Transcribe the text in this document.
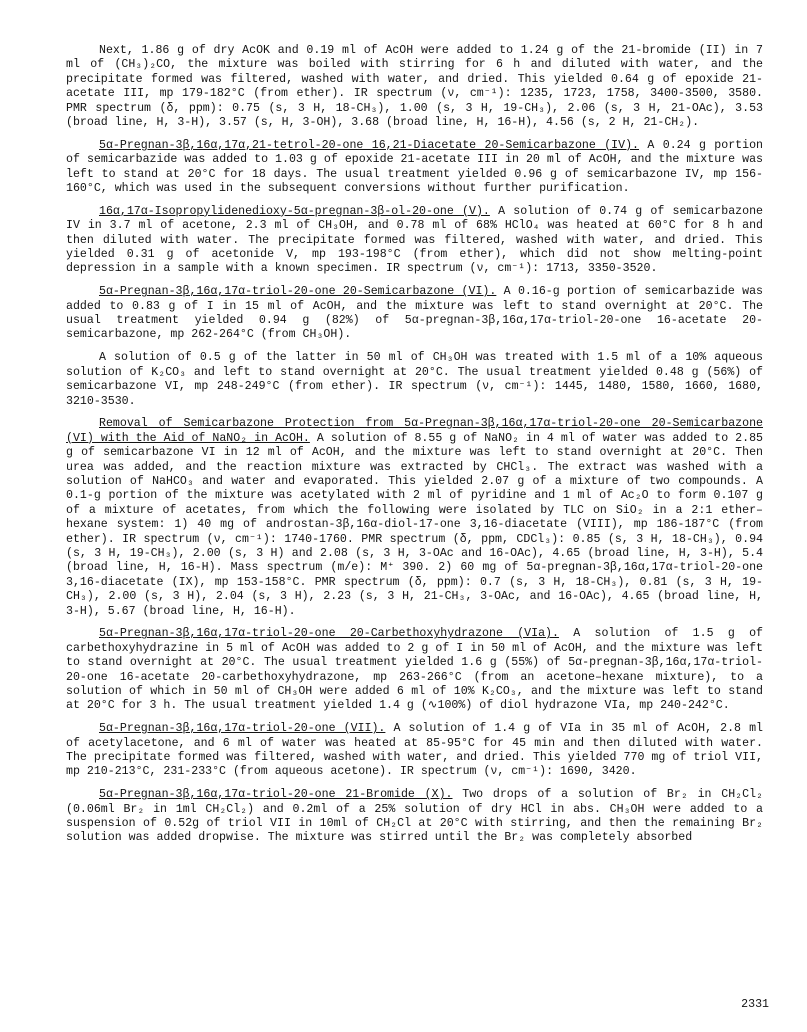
Next, 1.86 g of dry AcOK and 0.19 ml of AcOH were added to 1.24 g of the 21-bromide (II) in 7 ml of (CH₃)₂CO, the mixture was boiled with stirring for 6 h and diluted with water, and the precipitate formed was filtered, washed with water, and dried. This yielded 0.64 g of epoxide 21-acetate III, mp 179-182°C (from ether). IR spectrum (ν, cm⁻¹): 1235, 1723, 1758, 3400-3500, 3580. PMR spectrum (δ, ppm): 0.75 (s, 3 H, 18-CH₃), 1.00 (s, 3 H, 19-CH₃), 2.06 (s, 3 H, 21-OAc), 3.53 (broad line, H, 3-H), 3.57 (s, H, 3-OH), 3.68 (broad line, H, 16-H), 4.56 (s, 2 H, 21-CH₂).

5α-Pregnan-3β,16α,17α,21-tetrol-20-one 16,21-Diacetate 20-Semicarbazone (IV). A 0.24 g portion of semicarbazide was added to 1.03 g of epoxide 21-acetate III in 20 ml of AcOH, and the mixture was left to stand at 20°C for 18 days. The usual treatment yielded 0.96 g of semicarbazone IV, mp 156-160°C, which was used in the subsequent conversions without further purification.

16α,17α-Isopropylidenedioxy-5α-pregnan-3β-ol-20-one (V). A solution of 0.74 g of semicarbazone IV in 3.7 ml of acetone, 2.3 ml of CH₃OH, and 0.78 ml of 68% HClO₄ was heated at 60°C for 8 h and then diluted with water. The precipitate formed was filtered, washed with water, and dried. This yielded 0.31 g of acetonide V, mp 193-198°C (from ether), which did not show melting-point depression in a sample with a known specimen. IR spectrum (ν, cm⁻¹): 1713, 3350-3520.

5α-Pregnan-3β,16α,17α-triol-20-one 20-Semicarbazone (VI). A 0.16-g portion of semicarbazide was added to 0.83 g of I in 15 ml of AcOH, and the mixture was left to stand overnight at 20°C. The usual treatment yielded 0.94 g (82%) of 5α-pregnan-3β,16α,17α-triol-20-one 16-acetate 20-semicarbazone, mp 262-264°C (from CH₃OH).

A solution of 0.5 g of the latter in 50 ml of CH₃OH was treated with 1.5 ml of a 10% aqueous solution of K₂CO₃ and left to stand overnight at 20°C. The usual treatment yielded 0.48 g (56%) of semicarbazone VI, mp 248-249°C (from ether). IR spectrum (ν, cm⁻¹): 1445, 1480, 1580, 1660, 1680, 3210-3530.

Removal of Semicarbazone Protection from 5α-Pregnan-3β,16α,17α-triol-20-one 20-Semicarbazone (VI) with the Aid of NaNO₂ in AcOH. A solution of 8.55 g of NaNO₂ in 4 ml of water was added to 2.85 g of semicarbazone VI in 12 ml of AcOH, and the mixture was left to stand overnight at 20°C. Then urea was added, and the reaction mixture was extracted by CHCl₃. The extract was washed with a solution of NaHCO₃ and water and evaporated. This yielded 2.07 g of a mixture of two compounds. A 0.1-g portion of the mixture was acetylated with 2 ml of pyridine and 1 ml of Ac₂O to form 0.107 g of a mixture of acetates, from which the following were isolated by TLC on SiO₂ in a 2:1 ether–hexane system: 1) 40 mg of androstan-3β,16α-diol-17-one 3,16-diacetate (VIII), mp 186-187°C (from ether). IR spectrum (ν, cm⁻¹): 1740-1760. PMR spectrum (δ, ppm, CDCl₃): 0.85 (s, 3 H, 18-CH₃), 0.94 (s, 3 H, 19-CH₃), 2.00 (s, 3 H) and 2.08 (s, 3 H, 3-OAc and 16-OAc), 4.65 (broad line, H, 3-H), 5.4 (broad line, H, 16-H). Mass spectrum (m/e): M⁺ 390. 2) 60 mg of 5α-pregnan-3β,16α,17α-triol-20-one 3,16-diacetate (IX), mp 153-158°C. PMR spectrum (δ, ppm): 0.7 (s, 3 H, 18-CH₃), 0.81 (s, 3 H, 19-CH₃), 2.00 (s, 3 H), 2.04 (s, 3 H), 2.23 (s, 3 H, 21-CH₃, 3-OAc, and 16-OAc), 4.65 (broad line, H, 3-H), 5.67 (broad line, H, 16-H).

5α-Pregnan-3β,16α,17α-triol-20-one 20-Carbethoxyhydrazone (VIa). A solution of 1.5 g of carbethoxyhydrazine in 5 ml of AcOH was added to 2 g of I in 50 ml of AcOH, and the mixture was left to stand overnight at 20°C. The usual treatment yielded 1.6 g (55%) of 5α-pregnan-3β,16α,17α-triol-20-one 16-acetate 20-carbethoxyhydrazone, mp 263-266°C (from an acetone–hexane mixture), to a solution of which in 50 ml of CH₃OH were added 6 ml of 10% K₂CO₃, and the mixture was left to stand at 20°C for 3 h. The usual treatment yielded 1.4 g (∿100%) of diol hydrazone VIa, mp 240-242°C.

5α-Pregnan-3β,16α,17α-triol-20-one (VII). A solution of 1.4 g of VIa in 35 ml of AcOH, 2.8 ml of acetylacetone, and 6 ml of water was heated at 85-95°C for 45 min and then diluted with water. The precipitate formed was filtered, washed with water, and dried. This yielded 770 mg of triol VII, mp 210-213°C, 231-233°C (from aqueous acetone). IR spectrum (ν, cm⁻¹): 1690, 3420.

5α-Pregnan-3β,16α,17α-triol-20-one 21-Bromide (X). Two drops of a solution of Br₂ in CH₂Cl₂ (0.06ml Br₂ in 1ml CH₂Cl₂) and 0.2ml of a 25% solution of dry HCl in abs. CH₃OH were added to a suspension of 0.52g of triol VII in 10ml of CH₂Cl at 20°C with stirring, and then the remaining Br₂ solution was added dropwise. The mixture was stirred until the Br₂ was completely absorbed

2331
